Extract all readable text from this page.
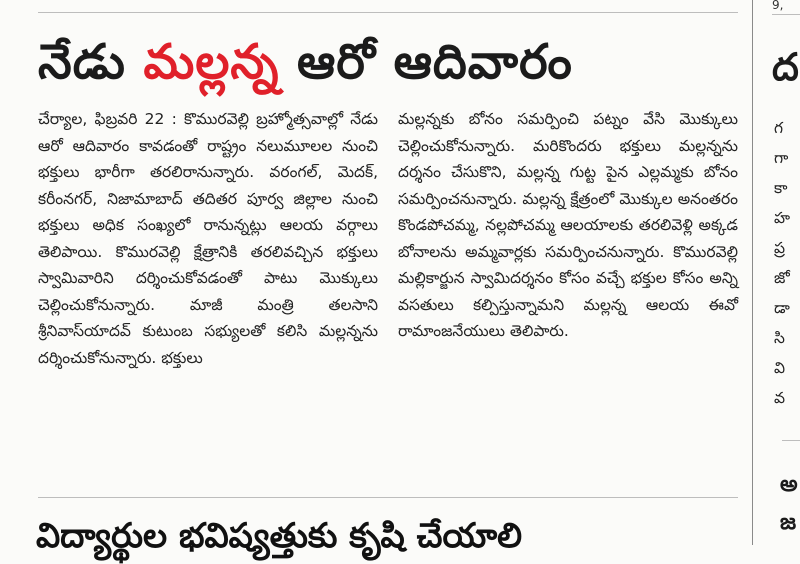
నేడు మల్లన్న ఆరో ఆదివారం

చేర్యాల, ఫిబ్రవరి 22 : కొమురవెల్లి బ్రహ్మోత్సవాల్లో నేడు ఆరో ఆదివారం కావడంతో రాష్ట్రం నలుమూలల నుంచి భక్తులు భారీగా తరలిరానున్నారు. వరంగల్, మెదక్, కరీంనగర్, నిజామాబాద్ తదితర పూర్వ జిల్లాల నుంచి భక్తులు అధిక సంఖ్యలో రానున్నట్లు ఆలయ వర్గాలు తెలిపాయి. కొమురవెల్లి క్షేత్రానికి తరలివచ్చిన భక్తులు స్వామివారిని దర్శించుకోవడంతో పాటు మొక్కులు చెల్లించుకోనున్నారు. మాజీ మంత్రి తలసాని శ్రీనివాస్‌యాదవ్ కుటుంబ సభ్యులతో కలిసి మల్లన్నను దర్శించుకోనున్నారు. భక్తులు

మల్లన్నకు బోనం సమర్పించి పట్నం వేసి మొక్కులు చెల్లించుకోనున్నారు. మరికొందరు భక్తులు మల్లన్నను దర్శనం చేసుకొని, మల్లన్న గుట్ట పైన ఎల్లమ్మకు బోనం సమర్పించనున్నారు. మల్లన్న క్షేత్రంలో మొక్కుల అనంతరం కొండపోచమ్మ, నల్లపోచమ్మ ఆలయాలకు తరలివెళ్లి అక్కడ బోనాలను అమ్మవార్లకు సమర్పించనున్నారు. కొమురవెల్లి మల్లికార్జున స్వామిదర్శనం కోసం వచ్చే భక్తుల కోసం అన్ని వసతులు కల్పిస్తున్నామని మల్లన్న ఆలయ ఈవో రామాంజనేయులు తెలిపారు.

9,
ద
గ
గా
కా
హ
ప్ర
జో
డా
సి
వి
వ
అ
జ
విద్యార్థుల భవిష్యత్తుకు కృషి చేయాలి
